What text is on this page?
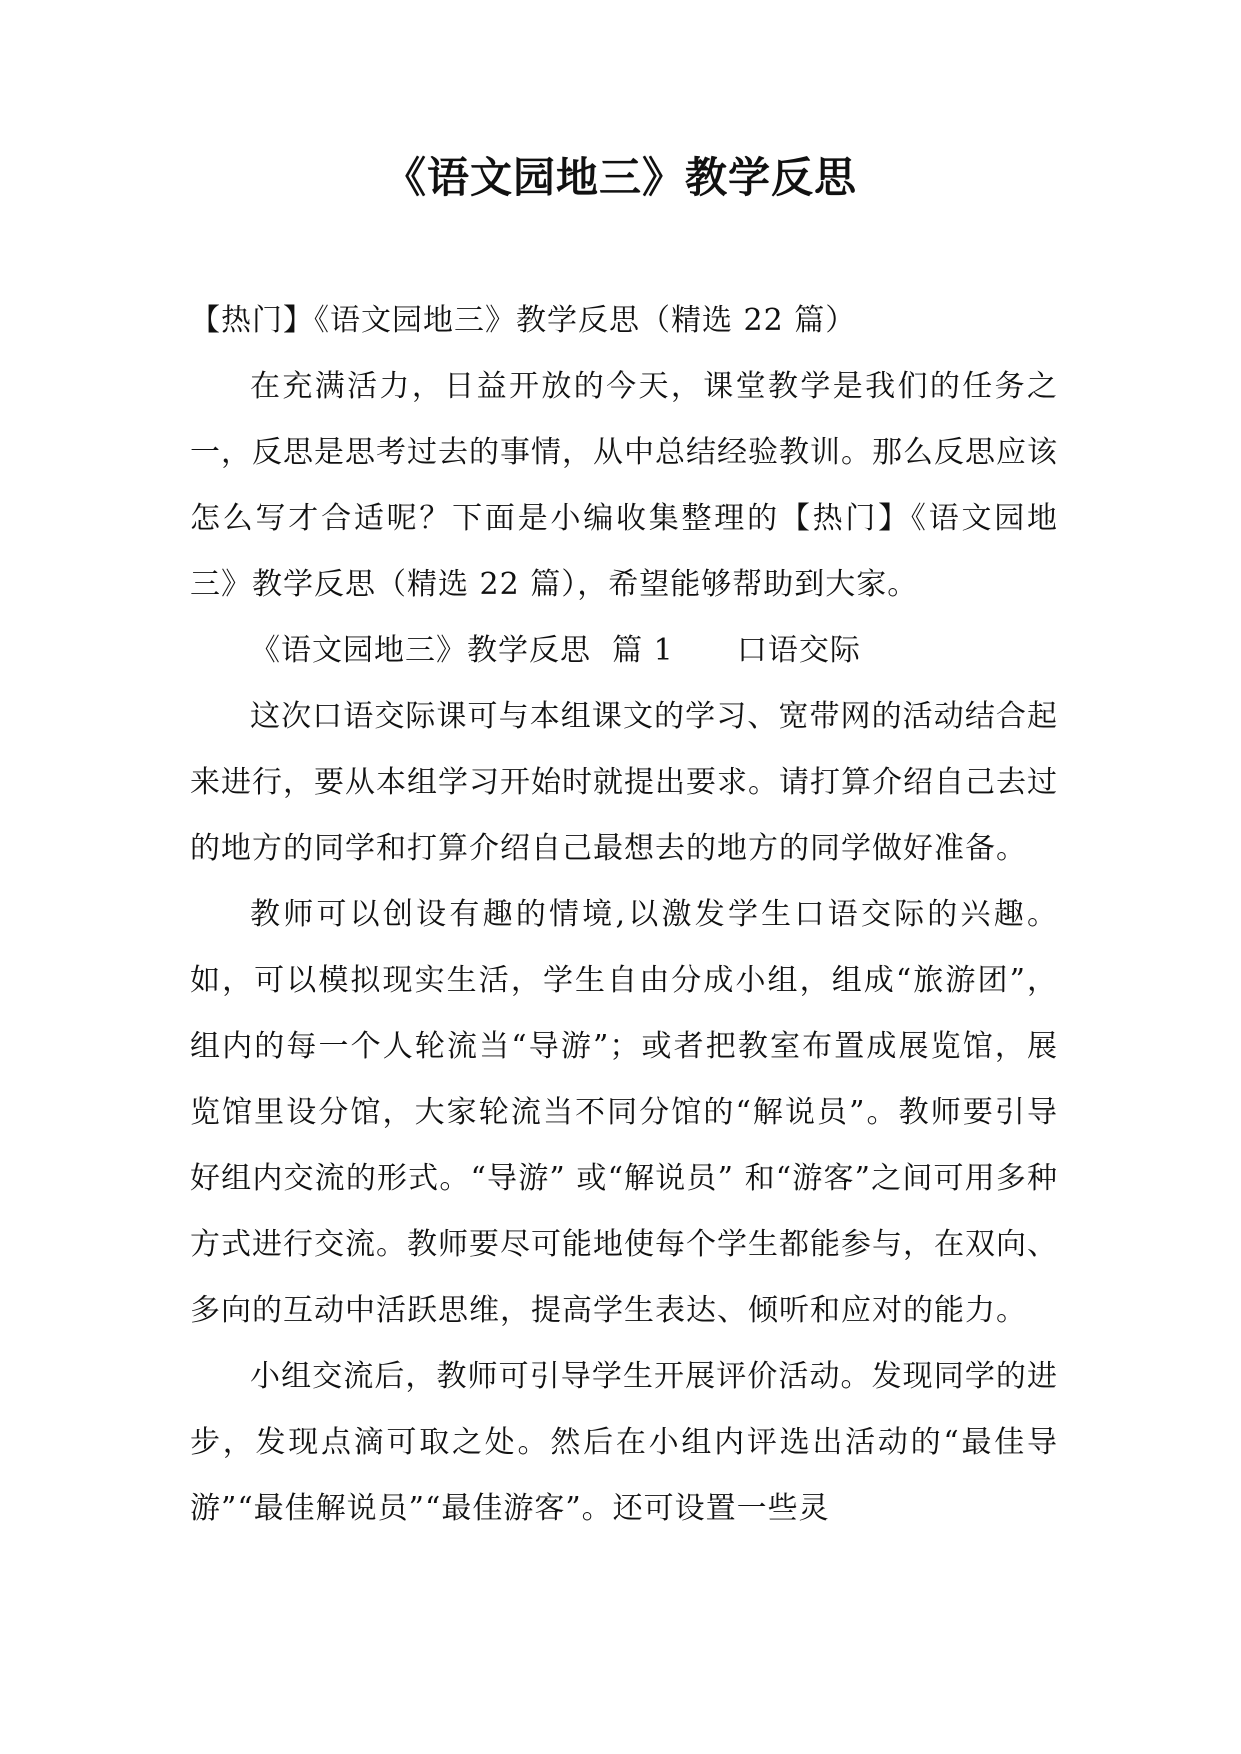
《语文园地三》教学反思

【热门】《语文园地三》教学反思（精选 22 篇）

在充满活力，日益开放的今天，课堂教学是我们的任务之一，反思是思考过去的事情，从中总结经验教训。那么反思应该怎么写才合适呢？下面是小编收集整理的【热门】《语文园地三》教学反思（精选 22 篇），希望能够帮助到大家。

《语文园地三》教学反思  篇 1      口语交际

这次口语交际课可与本组课文的学习、宽带网的活动结合起来进行，要从本组学习开始时就提出要求。请打算介绍自己去过的地方的同学和打算介绍自己最想去的地方的同学做好准备。

教师可以创设有趣的情境,以激发学生口语交际的兴趣。如，可以模拟现实生活，学生自由分成小组，组成“旅游团”，组内的每一个人轮流当“导游”；或者把教室布置成展览馆，展览馆里设分馆，大家轮流当不同分馆的“解说员”。教师要引导好组内交流的形式。“导游” 或“解说员” 和“游客”之间可用多种方式进行交流。教师要尽可能地使每个学生都能参与，在双向、多向的互动中活跃思维，提高学生表达、倾听和应对的能力。

小组交流后，教师可引导学生开展评价活动。发现同学的进步，发现点滴可取之处。然后在小组内评选出活动的“最佳导游”“最佳解说员”“最佳游客”。还可设置一些灵
